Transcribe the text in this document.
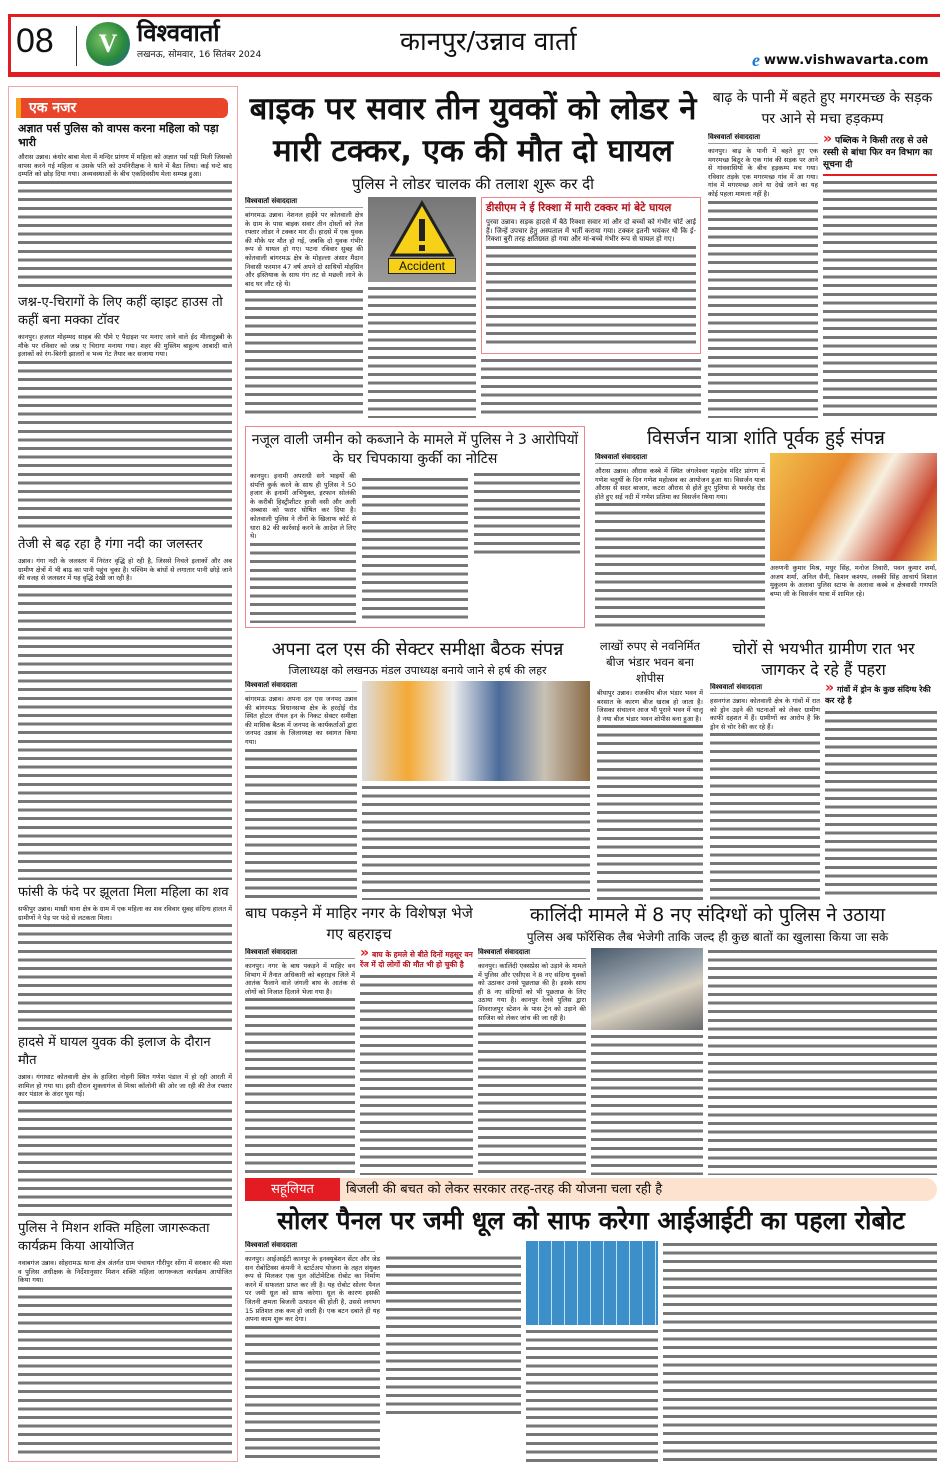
08	V विश्ववार्ता
लखनऊ, सोमवार, 16 सितंबर 2024	कानपुर/उन्नाव वार्ता
e www.vishwavarta.com
एक नजर
अज्ञात पर्स पुलिस को वापस करना महिला को पड़ा भारी

औरास उन्नाव। कंधोर बाबा मेला में मन्दिर प्रांगण में महिला को अज्ञात पर्स पड़ी मिली जिसको वापस करने गई महिला व उसके पति को उपनिरीक्षक ने थाने में बैठा लिया। कई घन्टे बाद दम्पति को छोड़ दिया गया। अव्यवस्थाओं के बीच एकदिवसीय मेला सम्पन्न हुआ।

जश्न-ए-चिरागों के लिए कहीं व्हाइट हाउस तो कहीं बना मक्का टॉवर

कानपुर। हजरत मोहम्मद साहब की यौमे ए पैदाइश पर मनाए जाने वाले ईद मीलादुन्नबी के मौके पर रविवार को जश्न ए चिरागा मनाया गया। शहर की मुस्लिम बाहुल्य आबादी वाले इलाकों को रंग-बिरंगी झालरों व भव्य गेट तैयार कर सजाया गया।

तेजी से बढ़ रहा है गंगा नदी का जलस्तर

उन्नाव। गंगा नदी के जलस्तर में निरंतर वृद्धि हो रही है, जिससे निचले इलाकों और अब ग्रामीण क्षेत्रों में भी बाढ़ का पानी पहुंच चुका है। पश्चिम के बांधों से लगातार पानी छोड़े जाने की वजह से जलस्तर में यह वृद्धि देखी जा रही है।

फांसी के फंदे पर झूलता मिला महिला का शव

सफीपुर उन्नाव। माखी थाना क्षेत्र के ग्राम में एक महिला का शव रविवार सुबह संदिग्ध हालत में ग्रामीणों ने पेड़ पर फंदे से लटकता मिला।

हादसे में घायल युवक की इलाज के दौरान मौत

उन्नाव। गंगाघाट कोतवाली क्षेत्र के हाजिरा नोहनी स्थित गणेश पंडाल में हो रही आरती में शामिल हो गया था। इसी दौरान शुक्लागंज से मिश्रा कॉलोनी की ओर जा रही की तेज रफ्तार कार पंडाल के अंदर घुस गई।

पुलिस ने मिशन शक्ति महिला जागरूकता कार्यक्रम किया आयोजित

नवाबगंज उन्नाव। सोहरामऊ थाना क्षेत्र अंतर्गत ग्राम पंचायत गौरीपुर सोंगा में सरकार की मंशा व पुलिस अधीक्षक के निर्देशानुसार मिशन शक्ति महिला जागरूकता कार्यक्रम आयोजित किया गया।

बाइक पर सवार तीन युवकों को लोडर ने मारी टक्कर, एक की मौत दो घायल
पुलिस ने लोडर चालक की तलाश शुरू कर दी
विश्ववार्ता संवाददाता

बांगरमऊ उन्नाव। नेशनल हाईवे पर कोतवाली क्षेत्र के ग्राम के पास बाइक सवार तीन दोस्तों को तेज रफ्तार लोडर ने टक्कर मार दी। हादसे में एक युवक की मौके पर मौत हो गई, जबकि दो युवक गंभीर रूप से घायल हो गए। पटना रविवार सुबह की कोतवाली बांगरमऊ क्षेत्र के मोहल्ला अंसार मैदान निवासी फरमान 47 वर्ष अपने दो साथियों मोहसिन और इस्तियाक के साथ गंग तट से मछली लाने के बाद घर लौट रहे थे।

Accident
डीसीएम ने ई रिक्शा में मारी टक्कर मां बेटे घायल

पुरवा उन्नाव। सड़क हादसे में बैठे रिक्शा सवार मां और दो बच्चों को गंभीर चोटें आई हैं। जिन्हें उपचार हेतु अस्पताल में भर्ती कराया गया। टक्कर इतनी भयंकर थी कि ई-रिक्शा बुरी तरह क्षतिग्रस्त हो गया और मां-बच्चे गंभीर रूप से घायल हो गए।

बाढ़ के पानी में बहते हुए मगरमच्छ के सड़क पर आने से मचा हड़कम्प
विश्ववार्ता संवाददाता

कानपुर। बाढ़ के पानी में बहते हुए एक मगरमच्छ बिठूर के एक गांव की सड़क पर आने से गांववासियों के बीच हड़कम्प मच गया। रविवार तड़के एक मगरमच्छ गांव में आ गया। गांव में मगरमच्छ आने या देखे जाने का यह कोई पहला मामला नहीं है।

» पब्लिक ने किसी तरह से उसे रस्सी से बांधा फिर वन विभाग का सूचना दी
नजूल वाली जमीन को कब्जाने के मामले में पुलिस ने 3 आरोपियों के घर चिपकाया कुर्की का नोटिस

कानपुर। इनामी अपराधी सगे भाइयों की संपत्ति कुर्क करने के साथ ही पुलिस ने 50 हजार के इनामी अभियुक्त, इरफान सोलंकी के करीबी हिस्ट्रीशीटर हाजी वसी और अली अब्बास को फरार घोषित कर दिया है। कोतवाली पुलिस ने तीनों के खिलाफ कोर्ट से धारा 82 की कार्रवाई करने के आदेश ले लिए थे।

विसर्जन यात्रा शांति पूर्वक हुई संपन्न
विश्ववार्ता संवाददाता

औरास उन्नाव। औरास कस्बे में स्थित जंगलेश्वर महादेव मंदिर प्रांगण में गणेश चतुर्थी के दिन गणेश महोत्सव का आयोजन हुआ था। विसर्जन यात्रा औरास से सदर बाजार, कटरा औरास से होते हुए पुलिया से भवरोह रोड होते हुए सई नदी में गणेश प्रतिमा का विसर्जन किया गया।

अरुणनी कुमार मिश्र, मधुर सिंह, मनोज तिवारी, पवन कुमार शर्मा, अजय शर्मा, अनिल सैनी, किशन कश्यप, लक्की सिंह आचार्य विशाल मुकुलम के अलावा पुलिस स्टाफ के अलावा कस्बे व क्षेत्रवासी गणपति बप्पा जी के विसर्जन यात्रा में शामिल रहे।
अपना दल एस की सेक्टर समीक्षा बैठक संपन्न
जिलाध्यक्ष को लखनऊ मंडल उपाध्यक्ष बनाये जाने से हर्ष की लहर
विश्ववार्ता संवाददाता

बांगरमऊ उन्नाव। अपना दल एस जनपद उन्नाव की बांगरमऊ विधानसभा क्षेत्र के हरदोई रोड स्थित होटल रॉयल इन के निकट सेक्टर समीक्षा की मासिक बैठक में जनपद के कार्यकर्ताओं द्वारा जनपद उन्नाव के जिलाध्यक्ष का स्वागत किया गया।

लाखों रुपए से नवनिर्मित बीज भंडार भवन बना शोपीस

बीघापुर उन्नाव। राजकीय बीज भंडार भवन में बरसात के कारण बीज खराब हो जाता है। जिसका संचालन आज भी पुराने भवन में चालू है नया बीज भंडार भवन शोपीस बना हुआ है।

चोरों से भयभीत ग्रामीण रात भर जागकर दे रहे हैं पहरा
विश्ववार्ता संवाददाता

हसनगंज उन्नाव। कोतवाली क्षेत्र के गांवों में रात को ड्रोन उड़ने की घटनाओं को लेकर ग्रामीण काफी दहशत में हैं। ग्रामीणों का आरोप है कि ड्रोन से चोर रेकी कर रहे हैं।

» गांवों में ड्रोन के कुछ संदिग्ध रेकी कर रहे है
बाघ पकड़ने में माहिर नगर के विशेषज्ञ भेजे गए बहराइच
विश्ववार्ता संवाददाता

कानपुर। नगर के बाघ पकड़ने में माहिर वन विभाग में तैनात अधिकारी को बहराइच जिले में आतंक फैलाने वाले जंगली बाघ के आतंक से लोगों को निजात दिलाने भेजा गया है।

» बाघ के हमले से बीते दिनों महसूर वन रेंज में दो लोगों की मौत भी हो चुकी है
कालिंदी मामले में 8 नए संदिग्धों को पुलिस ने उठाया
पुलिस अब फॉरेंसिक लैब भेजेगी ताकि जल्द ही कुछ बातों का खुलासा किया जा सके
विश्ववार्ता संवाददाता

कानपुर। कालिंदी एक्सप्रेस को उड़ाने के मामले में पुलिस और एसीएस ने 8 नए संदिग्ध युवकों को उठाकर उनसे पूछताछ की है। इसके साथ ही 8 नए संदिग्धों को भी पूछताछ के लिए उठाया गया है। कानपुर रेलवे पुलिस द्वारा शिवराजपुर स्टेशन के पास ट्रेन को उड़ाने की साजिश को लेकर जांच की जा रही है।

सहूलियत	बिजली की बचत को लेकर सरकार तरह-तरह की योजना चला रही है
सोलर पैनल पर जमी धूल को साफ करेगा आईआईटी का पहला रोबोट
विश्ववार्ता संवाददाता

कानपुर। आईआईटी कानपुर के इनक्यूबेशन सेंटर और जेड सन रोबोटिक्स कंपनी ने स्टार्टअप योजना के तहत संयुक्त रूप से मिलकर एक पुल ऑटोमेटिक रोबोट का निर्माण करने में सफलता प्राप्त कर ली है। यह रोबोट सोलर पैनल पर जमी धूल को साफ करेगा। धूल के कारण इसकी जितनी क्षमता बिजली उत्पादन की होती है, उससे लगभग 15 प्रतिशत तक कम हो जाती है। एक बटन दबाते ही यह अपना काम शुरू कर देगा।
